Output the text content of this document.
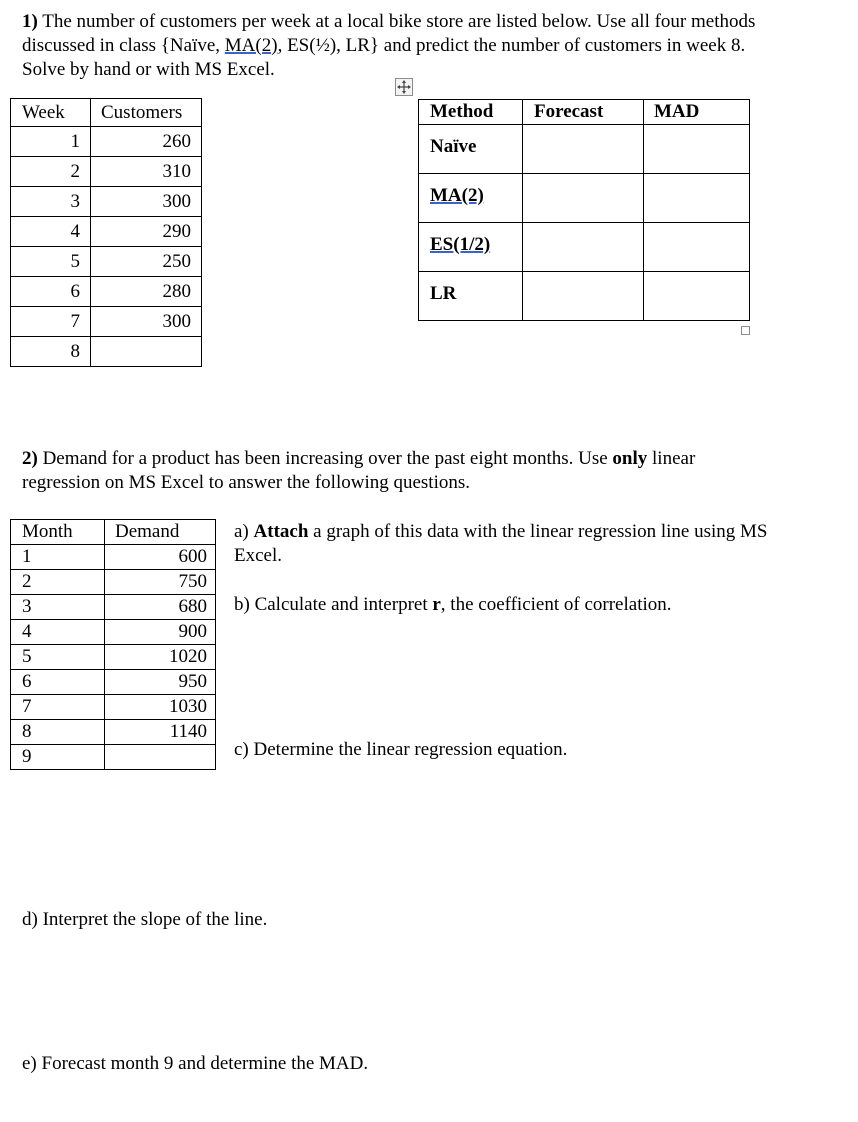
1) The number of customers per week at a local bike store are listed below. Use all four methods
discussed in class {Naïve, MA(2), ES(½), LR} and predict the number of customers in week 8.
Solve by hand or with MS Excel.
Week	Customers
1	260
2	310
3	300
4	290
5	250
6	280
7	300
8	
Method	Forecast	MAD
Naïve		
MA(2)		
ES(1/2)		
LR		
2) Demand for a product has been increasing over the past eight months. Use only linear
regression on MS Excel to answer the following questions.
Month	Demand
1	600
2	750
3	680
4	900
5	1020
6	950
7	1030
8	1140
9	
a) Attach a graph of this data with the linear regression line using MS
Excel.
b) Calculate and interpret r, the coefficient of correlation.
c) Determine the linear regression equation.
d) Interpret the slope of the line.
e) Forecast month 9 and determine the MAD.
